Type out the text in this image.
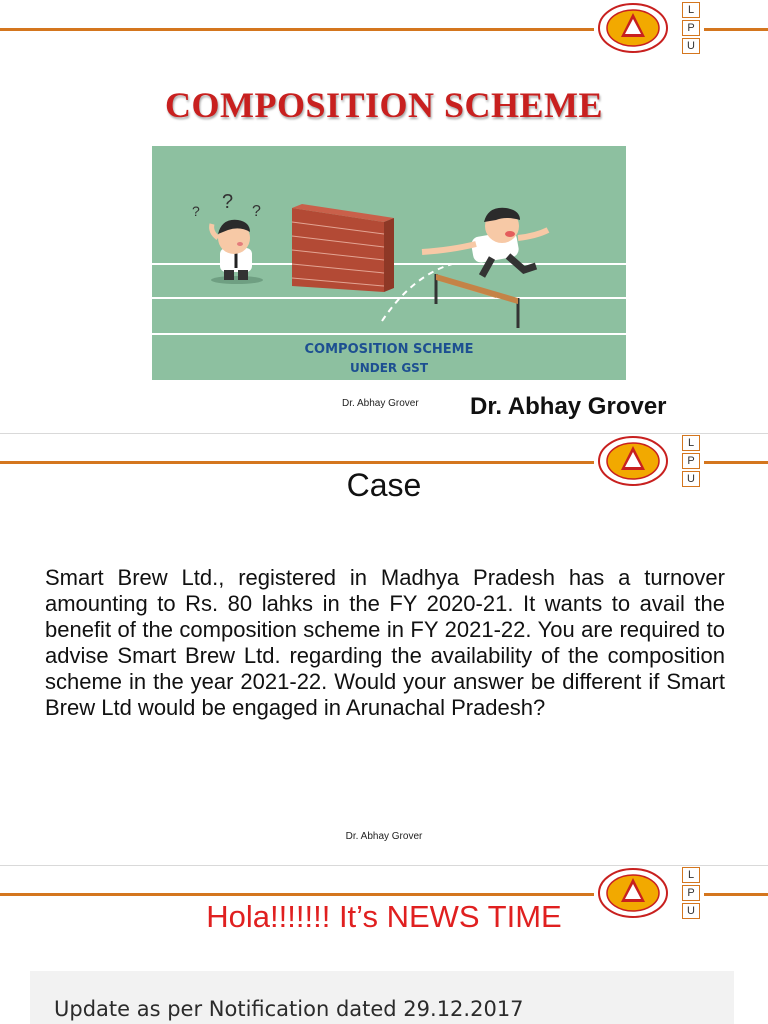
L
P
U
COMPOSITION SCHEME
? ? ?
COMPOSITION SCHEME
UNDER GST
Dr. Abhay Grover Dr. Abhay Grover
L
P
U
Case
Smart Brew Ltd., registered in Madhya Pradesh has a turnover amounting to Rs. 80 lahks in the FY 2020-21. It wants to avail the benefit of the composition scheme in FY 2021-22. You are required to advise Smart Brew Ltd. regarding the availability of the composition scheme in the year 2021-22. Would your answer be different if Smart Brew Ltd would be engaged in Arunachal Pradesh?
Dr. Abhay Grover
L
P
U
Hola!!!!!!! It’s NEWS TIME
Update as per Notification dated 29.12.2017
